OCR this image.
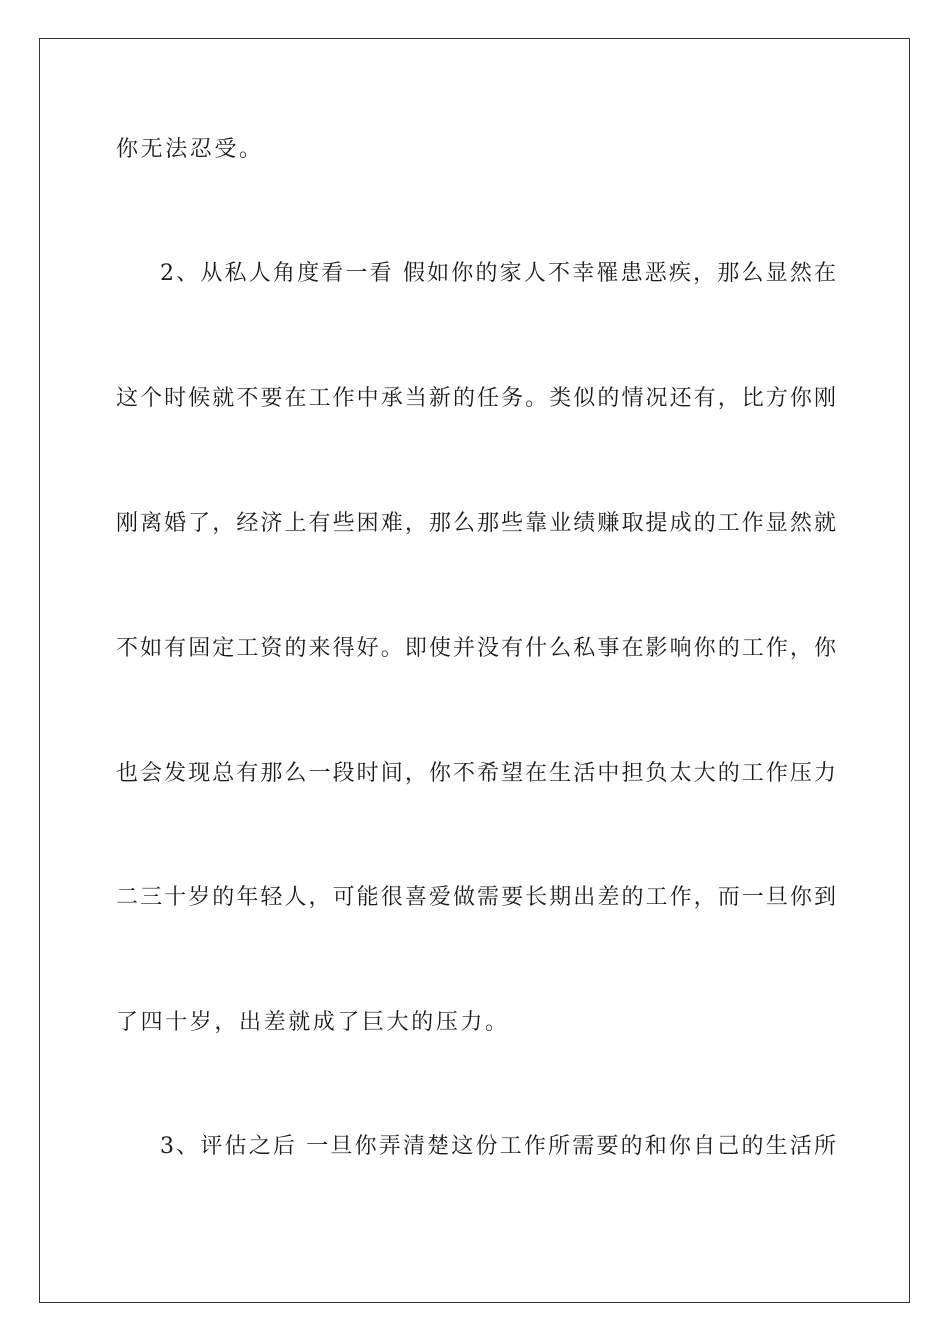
你无法忍受。
2、从私人角度看一看 假如你的家人不幸罹患恶疾，那么显然在
这个时候就不要在工作中承当新的任务。类似的情况还有，比方你刚
刚离婚了，经济上有些困难，那么那些靠业绩赚取提成的工作显然就
不如有固定工资的来得好。即使并没有什么私事在影响你的工作，你
也会发现总有那么一段时间，你不希望在生活中担负太大的工作压力
二三十岁的年轻人，可能很喜爱做需要长期出差的工作，而一旦你到
了四十岁，出差就成了巨大的压力。
3、评估之后 一旦你弄清楚这份工作所需要的和你自己的生活所
